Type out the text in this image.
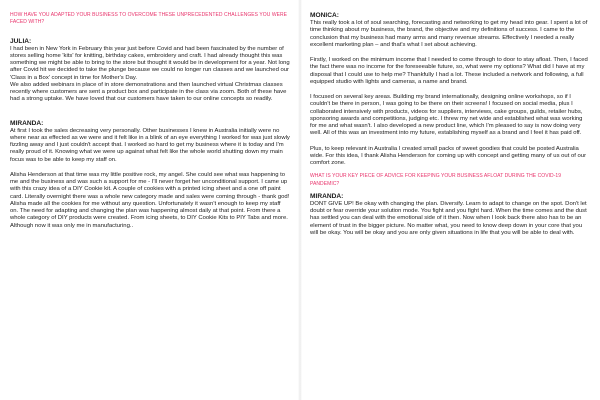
HOW HAVE YOU ADAPTED YOUR BUSINESS TO OVERCOME THESE UNPRECEDENTED CHALLENGES YOU WERE FACED WITH?

JULIA:

I had been in New York in February this year just before Covid and had been fascinated by the number of stores selling home 'kits' for knitting, birthday cakes, embroidery and craft. I had already thought this was something we might be able to bring to the store but thought it would be in development for a year. Not long after Covid hit we decided to take the plunge because we could no longer run classes and we launched our 'Class in a Box' concept in time for Mother's Day.

We also added webinars in place of in store demonstrations and then launched virtual Christmas classes recently where customers are sent a product box and participate in the class via zoom. Both of these have had a strong uptake. We have loved that our customers have taken to our online concepts so readily.

MIRANDA:

At first I took the sales decreasing very personally. Other businesses I knew in Australia initially were no where near as effected as we were and it felt like in a blink of an eye everything I worked for was just slowly fizzling away and I just couldn't accept that. I worked so hard to get my business where it is today and I'm really proud of it. Knowing what we were up against what felt like the whole world shutting down my main focus was to be able to keep my staff on.

Alisha Henderson at that time was my little positive rock, my angel. She could see what was happening to me and the business and was such a support for me - I'll never forget her unconditional support. I came up with this crazy idea of a DIY Cookie kit. A couple of cookies with a printed icing sheet and a one off paint card. Literally overnight there was a whole new category made and sales were coming through - thank god! Alisha made all the cookies for me without any question. Unfortunately it wasn't enough to keep my staff on. The need for adapting and changing the plan was happening almost daily at that point. From there a whole category of DIY products were created. From icing sheets, to DIY Cookie Kits to PIY Tabs and more. Although now it was only me in manufacturing..

MONICA:

This really took a lot of soul searching, forecasting and networking to get my head into gear. I spent a lot of time thinking about my business, the brand, the objective and my definitions of success. I came to the conclusion that my business had many arms and many revenue streams. Effectively I needed a really excellent marketing plan – and that's what I set about achieving.

Firstly, I worked on the minimum income that I needed to come through to door to stay afloat. Then, I faced the fact there was no income for the foreseeable future, so, what were my options? What did I have at my disposal that I could use to help me? Thankfully I had a lot. These included a network and following, a full equipped studio with lights and cameras, a name and brand.

I focused on several key areas. Building my brand internationally, designing online workshops, so if I couldn't be there in person, I was going to be there on their screens! I focused on social media, plus I collaborated intensively with products, videos for suppliers, interviews, cake groups, guilds, retailer hubs, sponsoring awards and competitions, judging etc. I threw my net wide and established what was working for me and what wasn't. I also developed a new product line, which I'm pleased to say is now doing very well. All of this was an investment into my future, establishing myself as a brand and I feel it has paid off.

Plus, to keep relevant in Australia I created small packs of sweet goodies that could be posted Australia wide. For this idea, I thank Alisha Henderson for coming up with concept and getting many of us out of our comfort zone.

WHAT IS YOUR KEY PIECE OF ADVICE FOR KEEPING YOUR BUSINESS AFLOAT DURING THE COVID-19 PANDEMIC?

MIRANDA:

DONT GIVE UP! Be okay with changing the plan. Diversify. Learn to adapt to change on the spot. Don't let doubt or fear override your solution mode. You fight and you fight hard. When the time comes and the dust has settled you can deal with the emotional side of it then. Now when I look back there also has to be an element of trust in the bigger picture. No matter what, you need to know deep down in your core that you will be okay. You will be okay and you are only given situations in life that you will be able to deal with.
